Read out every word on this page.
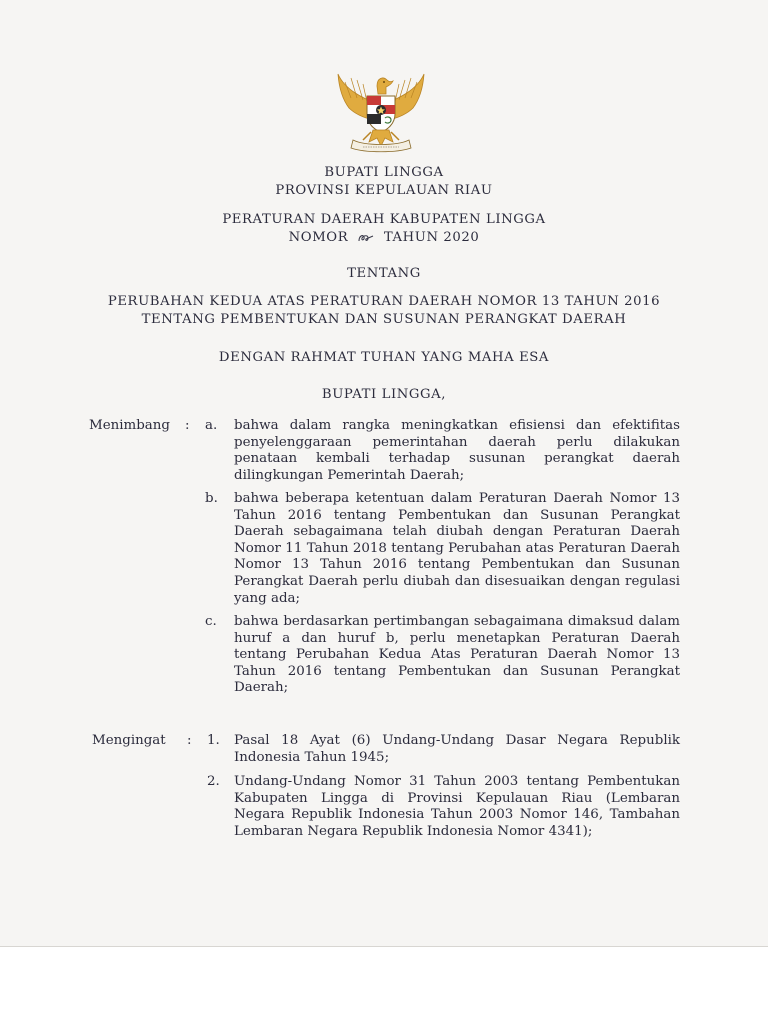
BUPATI LINGGA
PROVINSI KEPULAUAN RIAU
PERATURAN DAERAH KABUPATEN LINGGA
NOMOR	TAHUN 2020
TENTANG
PERUBAHAN KEDUA ATAS PERATURAN DAERAH NOMOR 13 TAHUN 2016
TENTANG PEMBENTUKAN DAN SUSUNAN PERANGKAT DAERAH
DENGAN RAHMAT TUHAN YANG MAHA ESA
BUPATI LINGGA,
Menimbang : a. bahwa dalam rangka meningkatkan efisiensi dan efektifitas penyelenggaraan pemerintahan daerah perlu dilakukan penataan kembali terhadap susunan perangkat daerah dilingkungan Pemerintah Daerah;

b. bahwa beberapa ketentuan dalam Peraturan Daerah Nomor 13 Tahun 2016 tentang Pembentukan dan Susunan Perangkat Daerah sebagaimana telah diubah dengan Peraturan Daerah Nomor 11 Tahun 2018 tentang Perubahan atas Peraturan Daerah Nomor 13 Tahun 2016 tentang Pembentukan dan Susunan Perangkat Daerah perlu diubah dan disesuaikan dengan regulasi yang ada;

c. bahwa berdasarkan pertimbangan sebagaimana dimaksud dalam huruf a dan huruf b, perlu menetapkan Peraturan Daerah tentang Perubahan Kedua Atas Peraturan Daerah Nomor 13 Tahun 2016 tentang Pembentukan dan Susunan Perangkat Daerah;

Mengingat : 1. Pasal 18 Ayat (6) Undang-Undang Dasar Negara Republik Indonesia Tahun 1945;

2. Undang-Undang Nomor 31 Tahun 2003 tentang Pembentukan Kabupaten Lingga di Provinsi Kepulauan Riau (Lembaran Negara Republik Indonesia Tahun 2003 Nomor 146, Tambahan Lembaran Negara Republik Indonesia Nomor 4341);
